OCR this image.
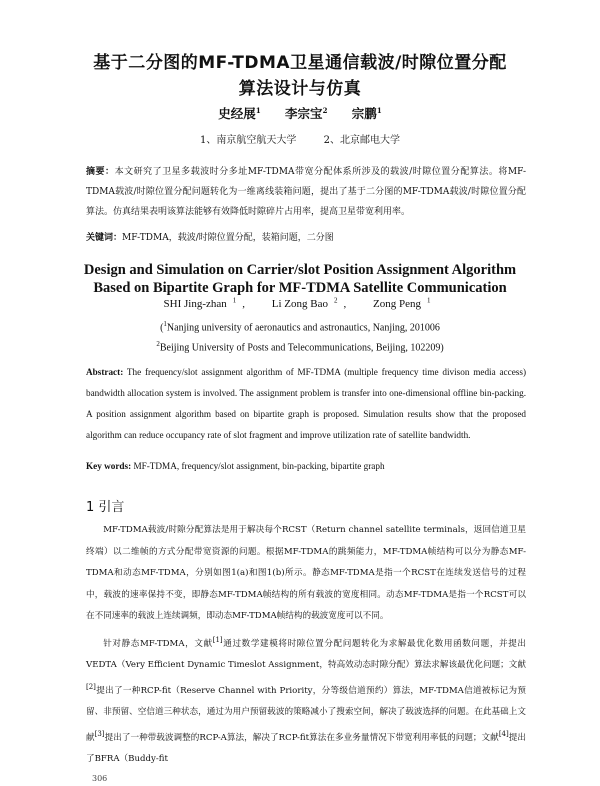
基于二分图的MF-TDMA卫星通信载波/时隙位置分配
算法设计与仿真
史经展$^1$ 李宗宝$^2$ 宗鹏$^1$
1、南京航空航天大学	2、北京邮电大学
摘要：本文研究了卫星多载波时分多址MF-TDMA带宽分配体系所涉及的载波/时隙位置分配算法。将MF-TDMA载波/时隙位置分配问题转化为一维离线装箱问题，提出了基于二分图的MF-TDMA载波/时隙位置分配算法。仿真结果表明该算法能够有效降低时隙碎片占用率，提高卫星带宽利用率。
关键词：MF-TDMA，载波/时隙位置分配，装箱问题，二分图
Design and Simulation on Carrier/slot Position Assignment Algorithm
Based on Bipartite Graph for MF-TDMA Satellite Communication
SHI Jing-zhan $^1$ , Li Zong Bao $^2$ , Zong Peng $^1$
($^1$Nanjing university of aeronautics and astronautics, Nanjing, 201006
$^2$Beijing University of Posts and Telecommunications, Beijing, 102209)
Abstract: The frequency/slot assignment algorithm of MF-TDMA (multiple frequency time divison media access) bandwidth allocation system is involved. The assignment problem is transfer into one-dimensional offline bin-packing. A position assignment algorithm based on bipartite graph is proposed. Simulation results show that the proposed algorithm can reduce occupancy rate of slot fragment and improve utilization rate of satellite bandwidth.
Key words: MF-TDMA, frequency/slot assignment, bin-packing, bipartite graph
1 引言
MF-TDMA载波/时隙分配算法是用于解决每个RCST（Return channel satellite terminals，返回信道卫星终端）以二维帧的方式分配带宽资源的问题。根据MF-TDMA的跳频能力，MF-TDMA帧结构可以分为静态MF-TDMA和动态MF-TDMA，分别如图1(a)和图1(b)所示。静态MF-TDMA是指一个RCST在连续发送信号的过程中，载波的速率保持不变，即静态MF-TDMA帧结构的所有载波的宽度相同。动态MF-TDMA是指一个RCST可以在不同速率的载波上连续调频，即动态MF-TDMA帧结构的载波宽度可以不同。
针对静态MF-TDMA，文献[1]通过数学建模将时隙位置分配问题转化为求解最优化数用函数问题，并提出VEDTA（Very Efficient Dynamic Timeslot Assignment，特高效动态时隙分配）算法求解该最优化问题；文献[2]提出了一种RCP-fit（Reserve Channel with Priority，分等级信道预约）算法，MF-TDMA信道被标记为预留、非预留、空信道三种状态，通过为用户预留载波的策略减小了搜索空间，解决了载波选择的问题。在此基础上文献[3]提出了一种带载波调整的RCP-A算法，解决了RCP-fit算法在多业务量情况下带宽利用率低的问题；文献[4]提出了BFRA（Buddy-fit
306
